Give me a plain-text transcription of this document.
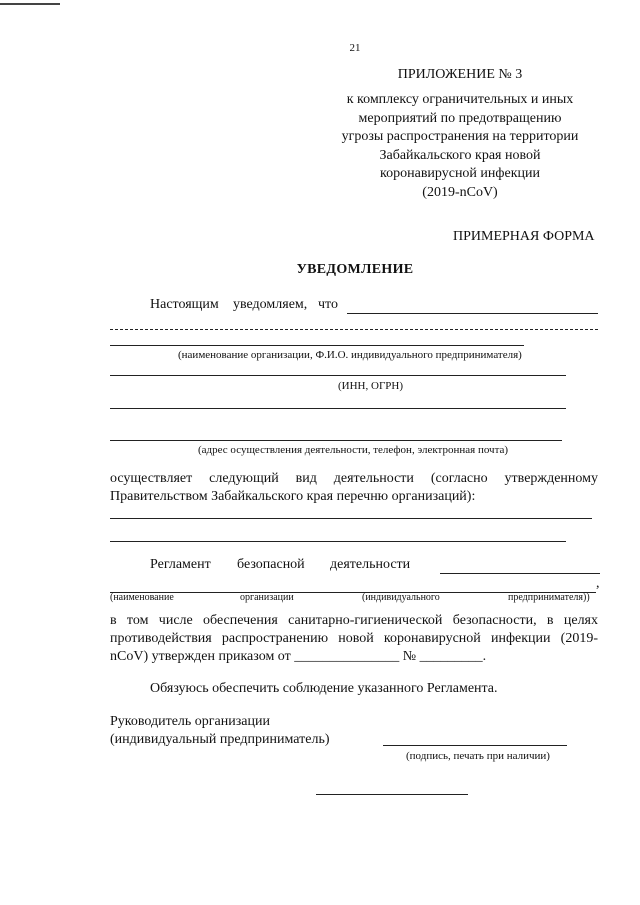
21
ПРИЛОЖЕНИЕ № 3
к комплексу ограничительных и иных
мероприятий по предотвращению
угрозы распространения на территории
Забайкальского края новой
коронавирусной инфекции
(2019-nCoV)
ПРИМЕРНАЯ ФОРМА
УВЕДОМЛЕНИЕ
Настоящим уведомляем, что
(наименование организации, Ф.И.О. индивидуального предпринимателя)
(ИНН, ОГРН)
(адрес осуществления деятельности, телефон, электронная почта)
осуществляет следующий вид деятельности (согласно утвержденному
Правительством Забайкальского края перечню организаций):
Регламент безопасной деятельности
,
(наименование	организации	(индивидуального	предпринимателя))
в том числе обеспечения санитарно-гигиенической безопасности, в целях
противодействия распространению новой коронавирусной инфекции (2019-
nCoV) утвержден приказом от _______________ № _________.
Обязуюсь обеспечить соблюдение указанного Регламента.
Руководитель организации
(индивидуальный предприниматель)
(подпись, печать при наличии)
